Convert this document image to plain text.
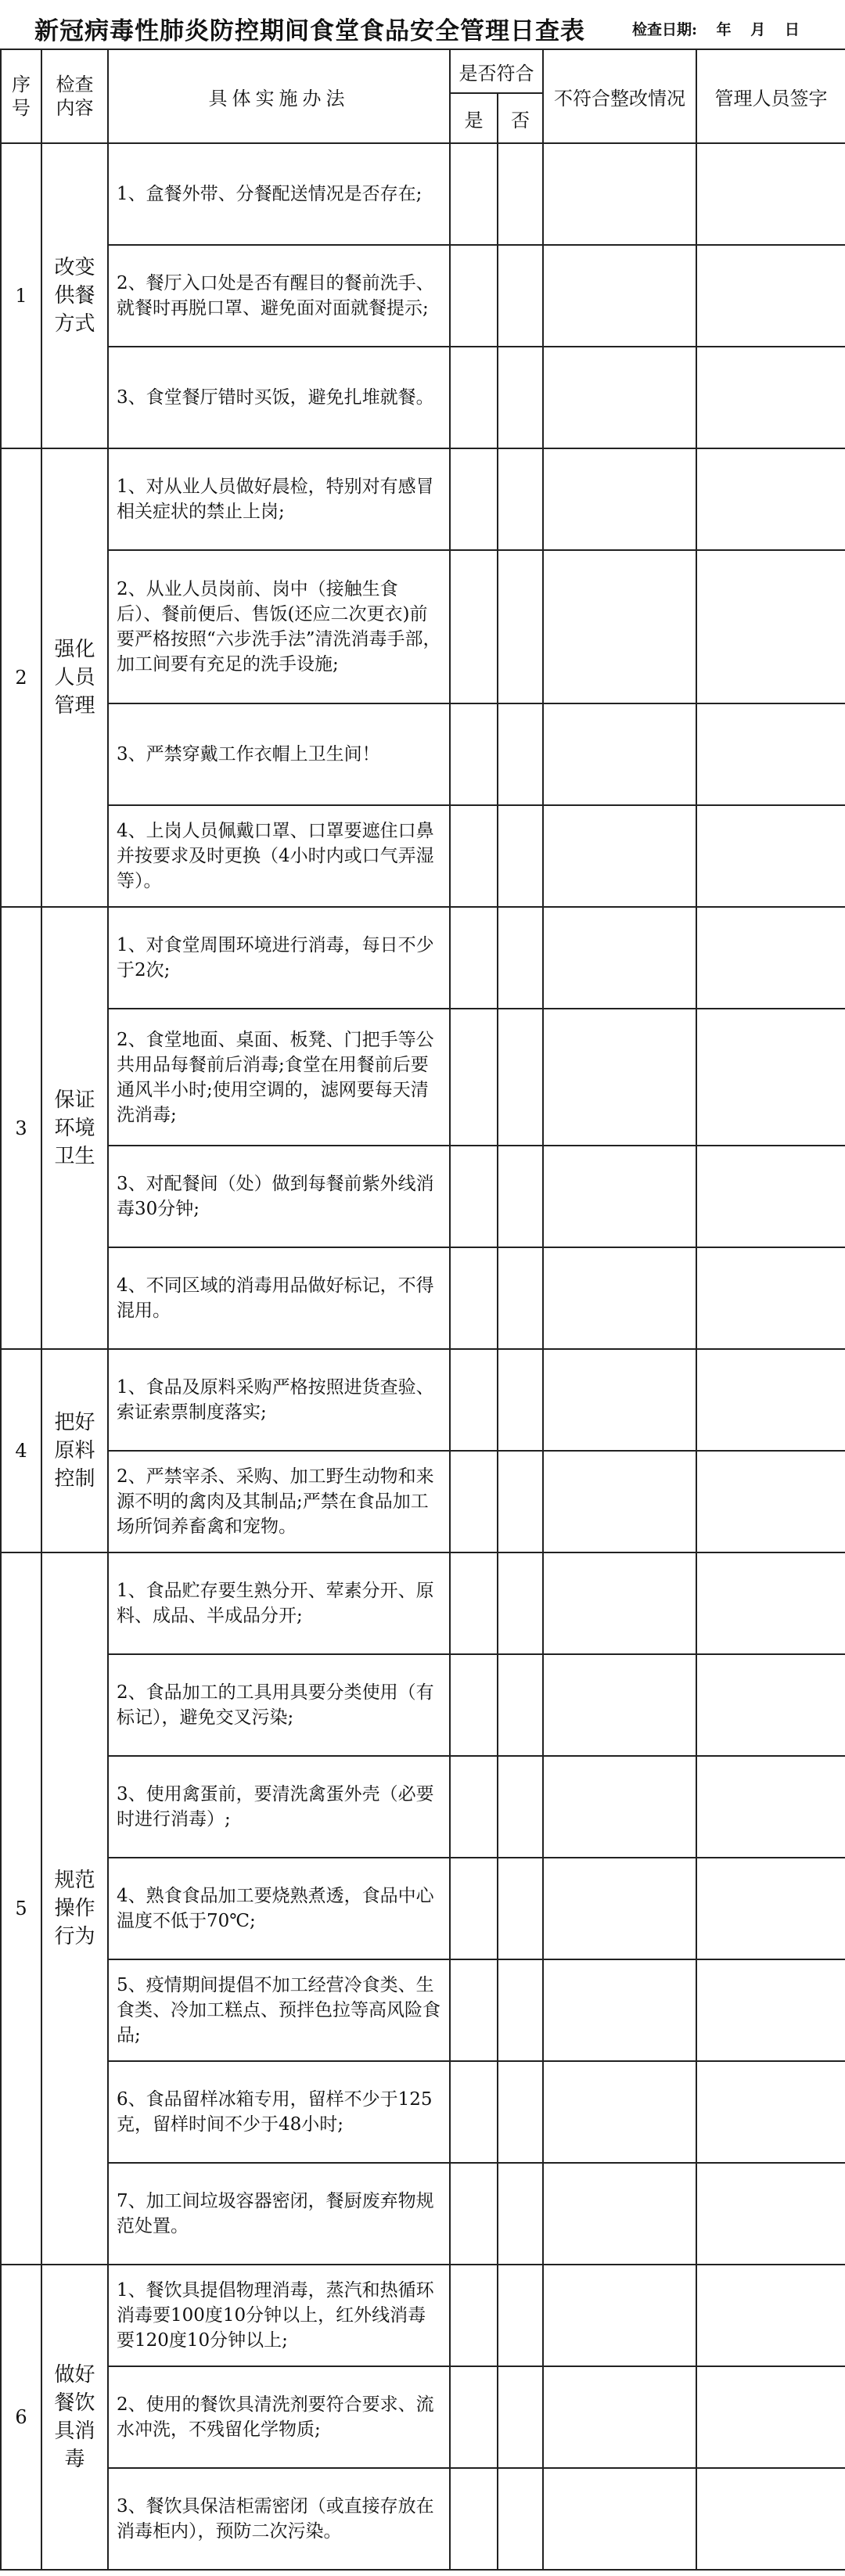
新冠病毒性肺炎防控期间食堂食品安全管理日查表	检查日期: 年 月 日
序号	检查内容	具体实施办法	是否符合		不符合整改情况	管理人员签字
			是	否		
1	改变供餐方式	1、盒餐外带、分餐配送情况是否存在;				
		2、餐厅入口处是否有醒目的餐前洗手、就餐时再脱口罩、避免面对面就餐提示;				
		3、食堂餐厅错时买饭，避免扎堆就餐。				
2	强化人员管理	1、对从业人员做好晨检，特别对有感冒相关症状的禁止上岗;				
		2、从业人员岗前、岗中（接触生食后）、餐前便后、售饭(还应二次更衣)前要严格按照“六步洗手法”清洗消毒手部，加工间要有充足的洗手设施;				
		3、严禁穿戴工作衣帽上卫生间！				
		4、上岗人员佩戴口罩、口罩要遮住口鼻并按要求及时更换（4小时内或口气弄湿等）。				
3	保证环境卫生	1、对食堂周围环境进行消毒，每日不少于2次;				
		2、食堂地面、桌面、板凳、门把手等公共用品每餐前后消毒;食堂在用餐前后要通风半小时;使用空调的，滤网要每天清洗消毒;				
		3、对配餐间（处）做到每餐前紫外线消毒30分钟;				
		4、不同区域的消毒用品做好标记，不得混用。				
4	把好原料控制	1、食品及原料采购严格按照进货查验、索证索票制度落实;				
		2、严禁宰杀、采购、加工野生动物和来源不明的禽肉及其制品;严禁在食品加工场所饲养畜禽和宠物。				
5	规范操作行为	1、食品贮存要生熟分开、荤素分开、原料、成品、半成品分开;				
		2、食品加工的工具用具要分类使用（有标记），避免交叉污染;				
		3、使用禽蛋前，要清洗禽蛋外壳（必要时进行消毒）;				
		4、熟食食品加工要烧熟煮透，食品中心温度不低于70℃;				
		5、疫情期间提倡不加工经营冷食类、生食类、冷加工糕点、预拌色拉等高风险食品;				
		6、食品留样冰箱专用，留样不少于125克，留样时间不少于48小时;				
		7、加工间垃圾容器密闭，餐厨废弃物规范处置。				
6	做好餐饮具消毒	1、餐饮具提倡物理消毒，蒸汽和热循环消毒要100度10分钟以上，红外线消毒要120度10分钟以上;				
		2、使用的餐饮具清洗剂要符合要求、流水冲洗，不残留化学物质;				
		3、餐饮具保洁柜需密闭（或直接存放在消毒柜内），预防二次污染。				
